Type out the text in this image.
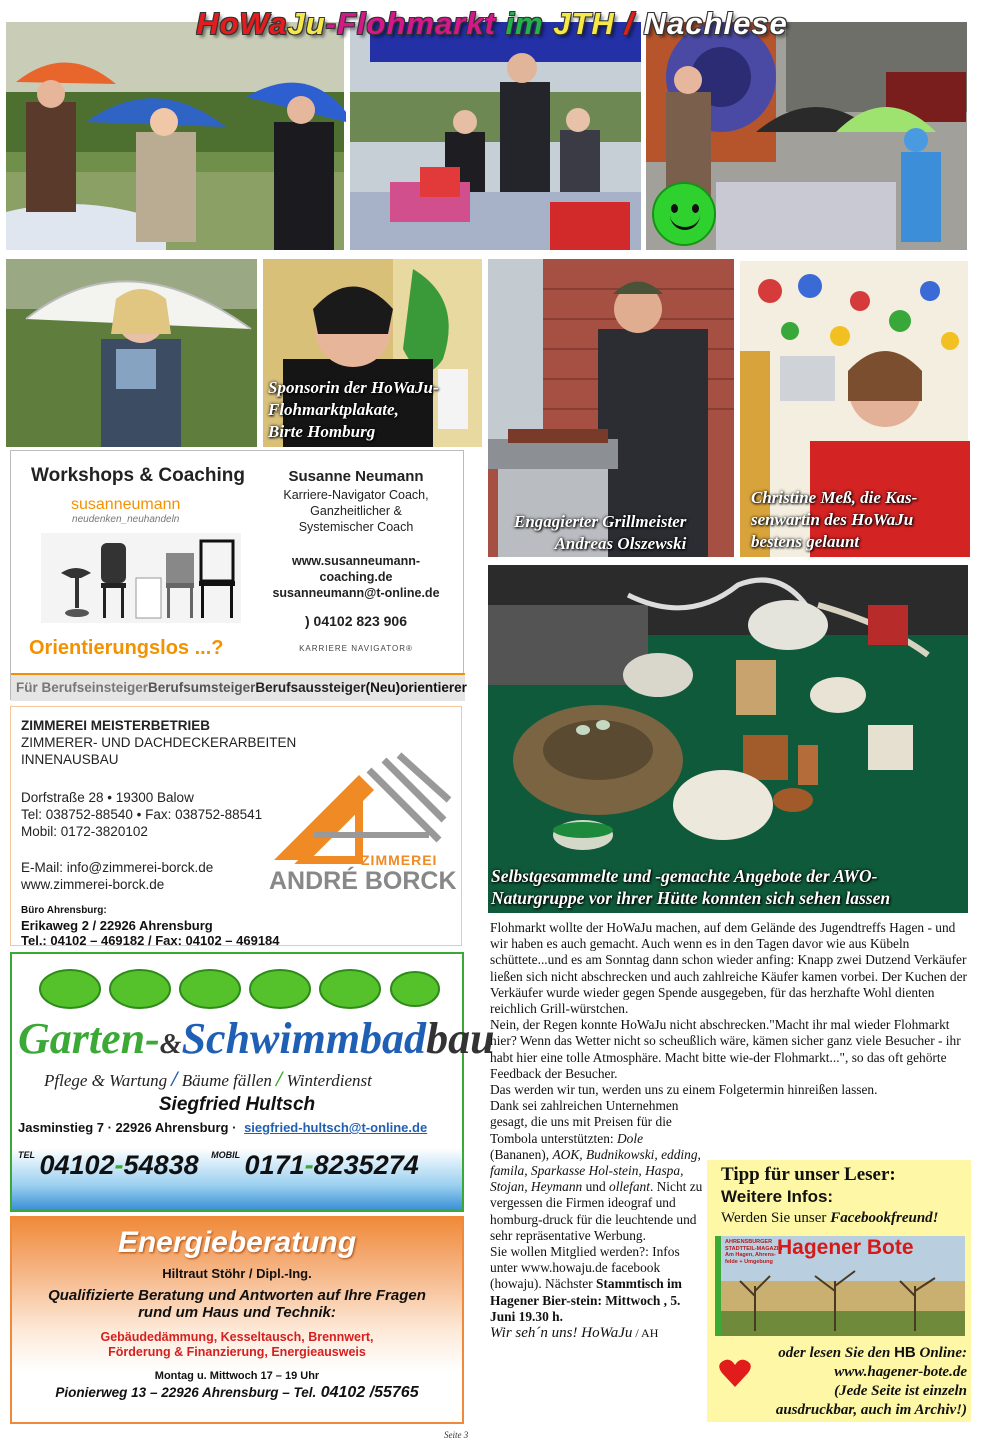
HoWaJu-Flohmarkt im JTH / Nachlese
Sponsorin der HoWaJu-
Flohmarktplakate,
Birte Homburg
Engagierter Grillmeister
Andreas Olszewski
Christine Meß, die Kas-
senwartin des HoWaJu
bestens gelaunt
Selbstgesammelte und -gemachte Angebote der AWO-
Naturgruppe vor ihrer Hütte konnten sich sehen lassen
Workshops & Coaching
susanneumann
neudenken_neuhandeln
Orientierungslos ...?
Susanne Neumann
Karriere-Navigator Coach,
Ganzheitlicher &
Systemischer Coach
www.susanneumann-coaching.de
susanneumann@t-online.de
) 04102 823 906
KARRIERE NAVIGATOR®
Für BerufseinsteigerBerufsumsteigerBerufsaussteiger(Neu)orientierer
ZIMMEREI MEISTERBETRIEB
ZIMMERER- UND DACHDECKERARBEITEN
INNENAUSBAU
Dorfstraße 28 • 19300 Balow
Tel: 038752-88540 • Fax: 038752-88541
Mobil: 0172-3820102
E-Mail: info@zimmerei-borck.de
www.zimmerei-borck.de
ZIMMEREI
ANDRÉ BORCK
Büro Ahrensburg:
Erikaweg 2 / 22926 Ahrensburg
Tel.: 04102 – 469182 / Fax: 04102 – 469184
Garten-&Schwimmbadbau
Pflege & Wartung / Bäume fällen / Winterdienst
Siegfried Hultsch
Jasminstieg 7 · 22926 Ahrensburg · siegfried-hultsch@t-online.de
$^{TEL}$ 04102-54838 $^{MOBIL}$ 0171-8235274
Energieberatung
Hiltraut Stöhr / Dipl.-Ing.
Qualifizierte Beratung und Antworten auf Ihre Fragen
rund um Haus und Technik:
Gebäudedämmung, Kesseltausch, Brennwert,
Förderung & Finanzierung, Energieausweis
Montag u. Mittwoch 17 – 19 Uhr
Pionierweg 13 – 22926 Ahrensburg – Tel. 04102 /55765

Flohmarkt wollte der HoWaJu machen, auf dem Gelände des Jugendtreffs Hagen - und wir haben es auch gemacht. Auch wenn es in den Tagen davor wie aus Kübeln schüttete...und es am Sonntag dann schon wieder anfing: Knapp zwei Dutzend Verkäufer ließen sich nicht abschrecken und auch zahlreiche Käufer kamen vorbei. Der Kuchen der Verkäufer wurde wieder gegen Spende ausgegeben, für das herzhafte Wohl dienten reichlich Grill-würstchen.

Nein, der Regen konnte HoWaJu nicht abschrecken."Macht ihr mal wieder Flohmarkt hier? Wenn das Wetter nicht so scheußlich wäre, kämen sicher ganz viele Besucher - ihr habt hier eine tolle Atmosphäre. Macht bitte wie-der Flohmarkt...", so das oft gehörte Feedback der Besucher.

Das werden wir tun, werden uns zu einem Folgetermin hinreißen lassen.

Dank sei zahlreichen Unternehmen gesagt, die uns mit Preisen für die Tombola unterstützten: Dole (Bananen), AOK, Budnikowski, edding, famila, Sparkasse Hol-stein, Haspa, Stojan, Heymann und ollefant. Nicht zu vergessen die Firmen ideograf und homburg-druck für die leuchtende und sehr repräsentative Werbung.

Sie wollen Mitglied werden?: Infos unter www.howaju.de facebook (howaju). Nächster Stammtisch im Hagener Bier-stein: Mittwoch , 5. Juni 19.30 h.

Wir seh´n uns! HoWaJu / AH

Tipp für unser Leser:
Weitere Infos:
Werden Sie unser Facebookfreund!
AHRENSBURGER
STADTTEIL-MAGAZIN
Am Hagen, Ahrens-
felde + Umgebung
Hagener Bote
oder lesen Sie den HB Online:
www.hagener-bote.de
(Jede Seite ist einzeln
ausdruckbar, auch im Archiv!)
Seite 3
